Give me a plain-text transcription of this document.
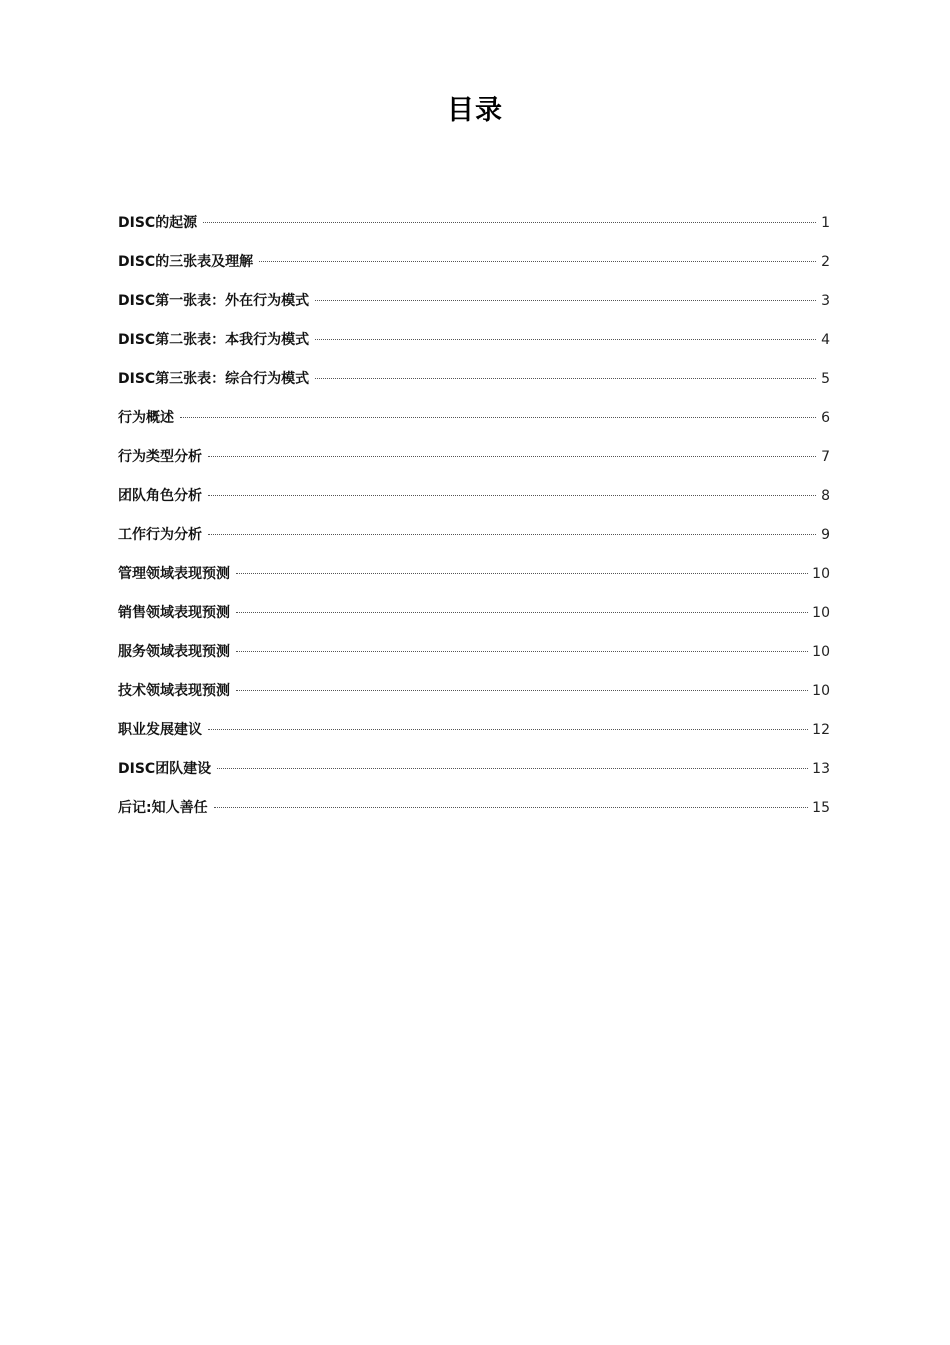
目录
DISC的起源	1
DISC的三张表及理解	2
DISC第一张表：外在行为模式	3
DISC第二张表：本我行为模式	4
DISC第三张表：综合行为模式	5
行为概述	6
行为类型分析	7
团队角色分析	8
工作行为分析	9
管理领域表现预测	10
销售领域表现预测	10
服务领域表现预测	10
技术领域表现预测	10
职业发展建议	12
DISC团队建设	13
后记:知人善任	15
